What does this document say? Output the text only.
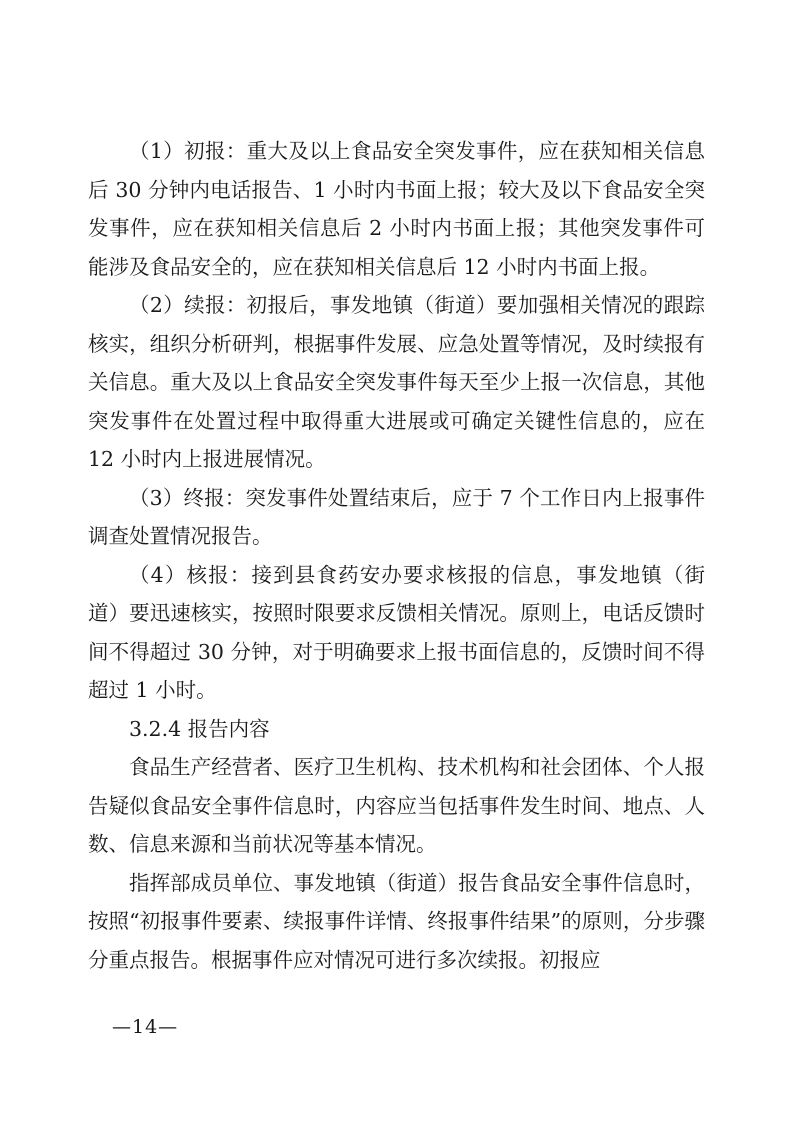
（1）初报：重大及以上食品安全突发事件，应在获知相关信息后 30 分钟内电话报告、1 小时内书面上报；较大及以下食品安全突发事件，应在获知相关信息后 2 小时内书面上报；其他突发事件可能涉及食品安全的，应在获知相关信息后 12 小时内书面上报。

（2）续报：初报后，事发地镇（街道）要加强相关情况的跟踪核实，组织分析研判，根据事件发展、应急处置等情况，及时续报有关信息。重大及以上食品安全突发事件每天至少上报一次信息，其他突发事件在处置过程中取得重大进展或可确定关键性信息的，应在 12 小时内上报进展情况。

（3）终报：突发事件处置结束后，应于 7 个工作日内上报事件调查处置情况报告。

（4）核报：接到县食药安办要求核报的信息，事发地镇（街道）要迅速核实，按照时限要求反馈相关情况。原则上，电话反馈时间不得超过 30 分钟，对于明确要求上报书面信息的，反馈时间不得超过 1 小时。

3.2.4 报告内容

食品生产经营者、医疗卫生机构、技术机构和社会团体、个人报告疑似食品安全事件信息时，内容应当包括事件发生时间、地点、人数、信息来源和当前状况等基本情况。

指挥部成员单位、事发地镇（街道）报告食品安全事件信息时，按照“初报事件要素、续报事件详情、终报事件结果”的原则，分步骤分重点报告。根据事件应对情况可进行多次续报。初报应

—14—
